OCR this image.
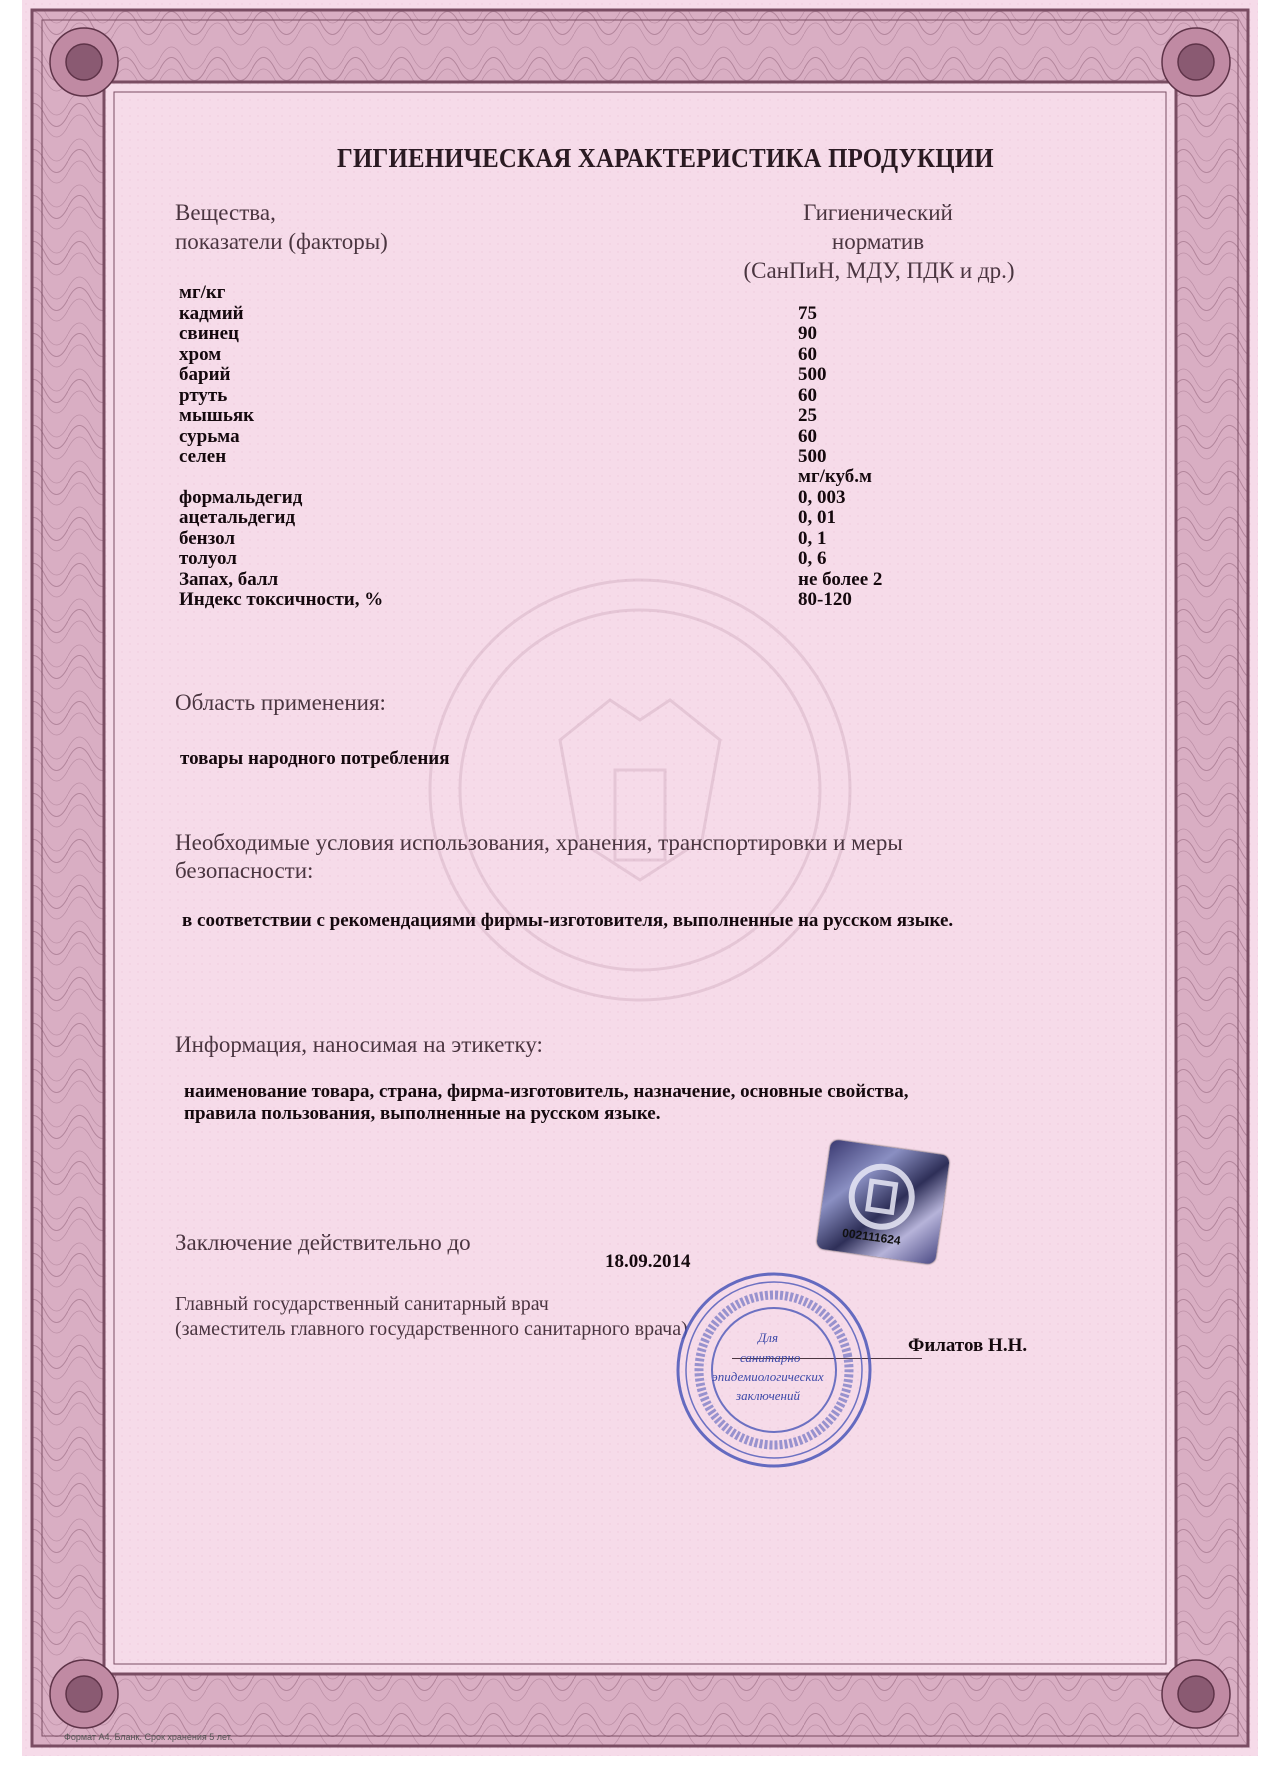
ГИГИЕНИЧЕСКАЯ ХАРАКТЕРИСТИКА ПРОДУКЦИИ
Вещества,
показатели (факторы)
Гигиенический
норматив
(СанПиН, МДУ, ПДК и др.)
мг/кг
кадмий	75
свинец	90
хром	60
барий	500
ртуть	60
мышьяк	25
сурьма	60
селен	500
мг/куб.м
формальдегид	0, 003
ацетальдегид	0, 01
бензол	0, 1
толуол	0, 6
Запах, балл	не более 2
Индекс токсичности, %	80-120
Область применения:
товары народного потребления
Необходимые условия использования, хранения, транспортировки и меры
безопасности:
в соответствии с рекомендациями фирмы-изготовителя, выполненные на русском языке.
Информация, наносимая на этикетку:
наименование товара, страна, фирма-изготовитель, назначение, основные свойства,
правила пользования, выполненные на русском языке.
002111624
Заключение действительно до
18.09.2014
Главный государственный санитарный врач
(заместитель главного государственного санитарного врача)
Филатов Н.Н.
Для
санитарно
эпидемиологических
заключений
Формат А4. Бланк. Срок хранения 5 лет.
